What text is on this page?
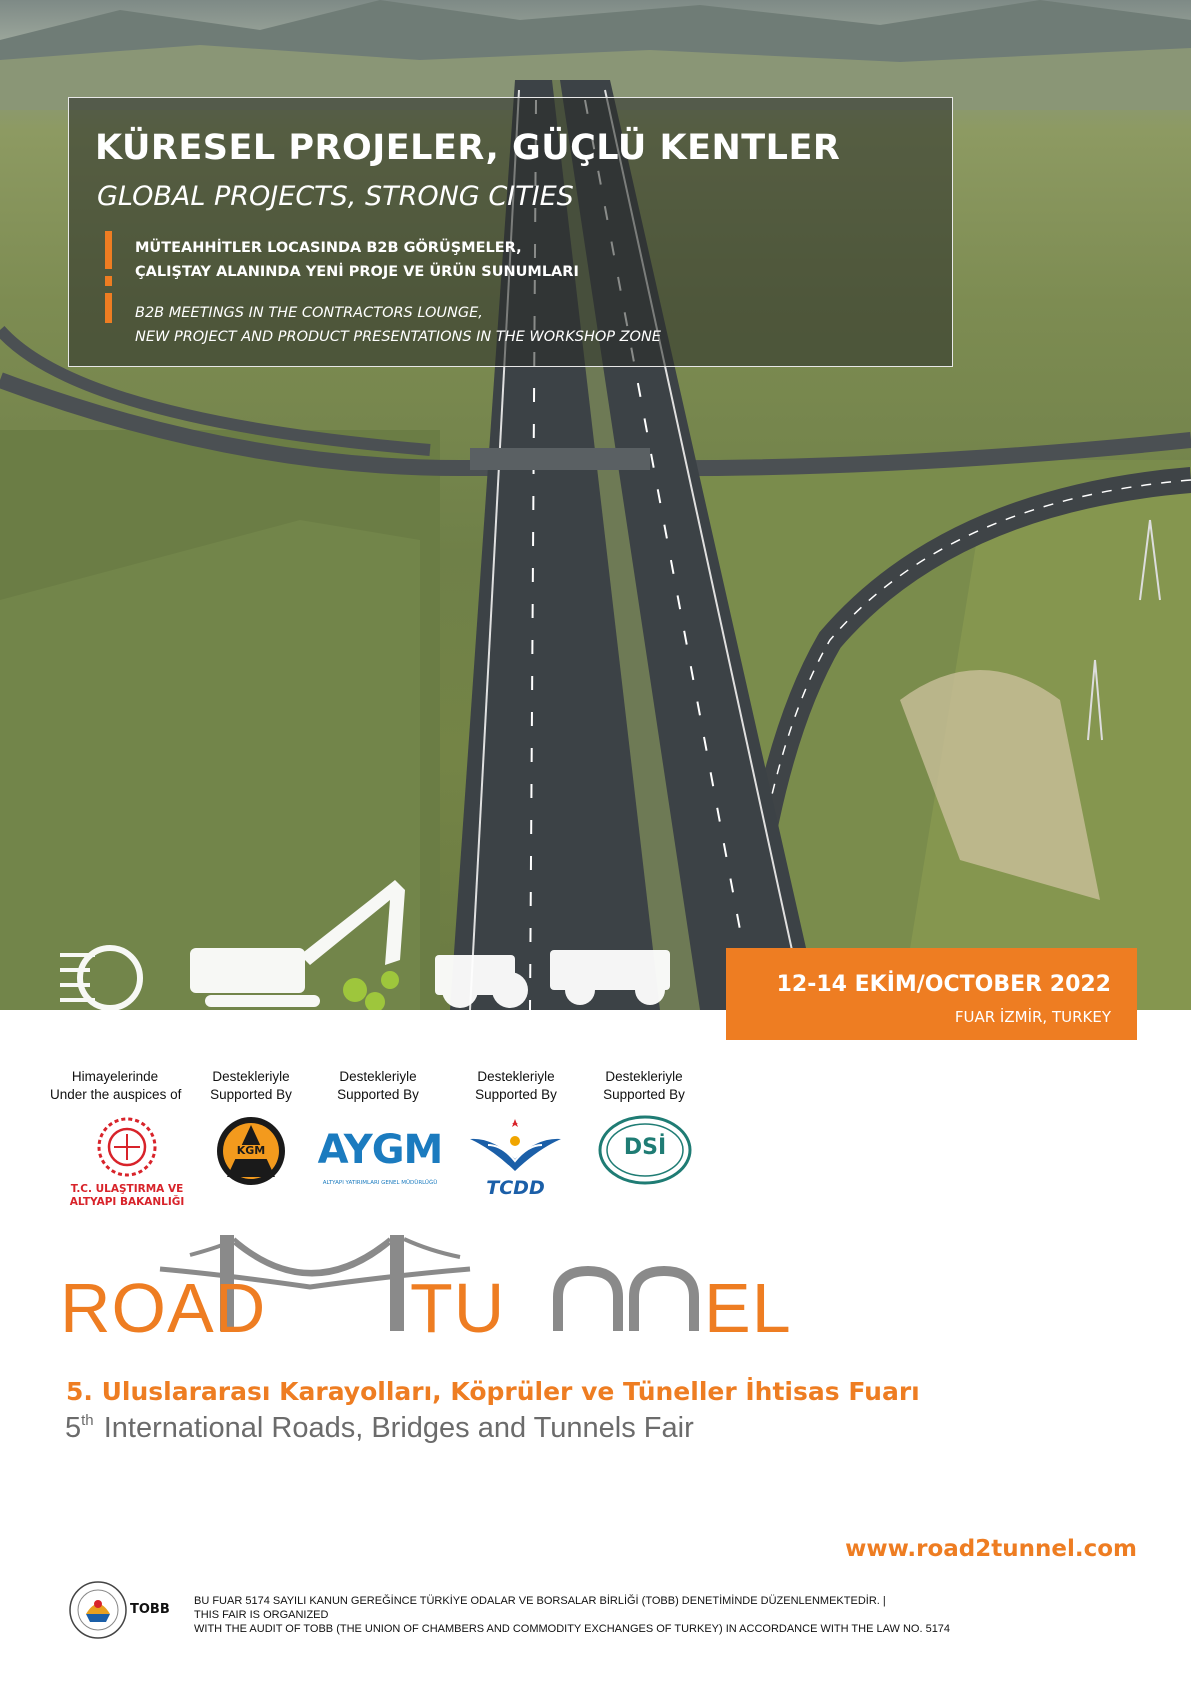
KÜRESEL PROJELER, GÜÇLÜ KENTLER
GLOBAL PROJECTS, STRONG CITIES
MÜTEAHHİTLER LOCASINDA B2B GÖRÜŞMELER,
ÇALIŞTAY ALANINDA YENİ PROJE VE ÜRÜN SUNUMLARI
B2B MEETINGS IN THE CONTRACTORS LOUNGE,
NEW PROJECT AND PRODUCT PRESENTATIONS IN THE WORKSHOP ZONE
12-14 EKİM/OCTOBER 2022
FUAR İZMİR, TURKEY
Himayelerinde
Under the auspices of
Destekleriyle
Supported By
Destekleriyle
Supported By
Destekleriyle
Supported By
Destekleriyle
Supported By
T.C. ULAŞTIRMA VE
ALTYAPI BAKANLIĞI
KGM	AYGM
ALTYAPI YATIRIMLARI GENEL MÜDÜRLÜĞÜ	TCDD
DSİ
ROAD TU	EL
5. Uluslararası Karayolları, Köprüler ve Tüneller İhtisas Fuarı
5th International Roads, Bridges and Tunnels Fair
www.road2tunnel.com
TOBB
BU FUAR 5174 SAYILI KANUN GEREĞİNCE TÜRKİYE ODALAR VE BORSALAR BİRLİĞİ (TOBB) DENETİMİNDE DÜZENLENMEKTEDİR. |
THIS FAIR IS ORGANIZED
WITH THE AUDIT OF TOBB (THE UNION OF CHAMBERS AND COMMODITY EXCHANGES OF TURKEY) IN ACCORDANCE WITH THE LAW NO. 5174
